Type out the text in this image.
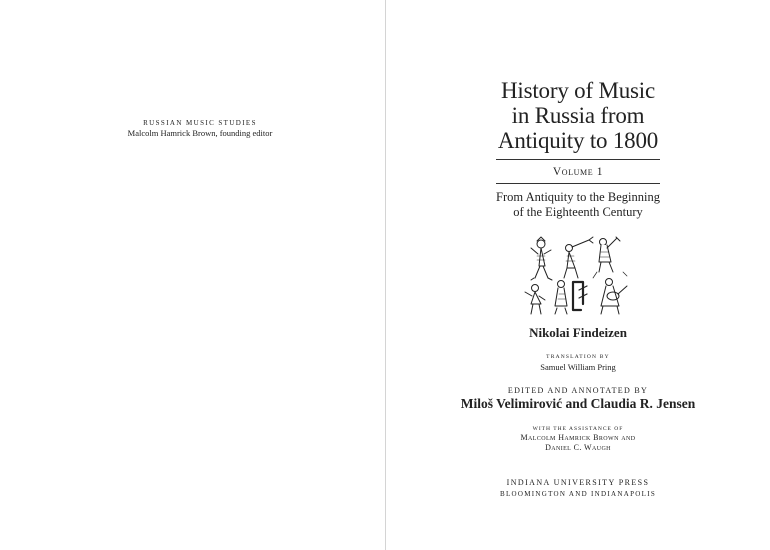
RUSSIAN MUSIC STUDIES
Malcolm Hamrick Brown, founding editor
History of Music
in Russia from
Antiquity to 1800
Volume 1
From Antiquity to the Beginning
of the Eighteenth Century
Nikolai Findeizen
TRANSLATION BY
Samuel William Pring
EDITED AND ANNOTATED BY
Miloš Velimirović and Claudia R. Jensen
WITH THE ASSISTANCE OF
Malcolm Hamrick Brown and
Daniel C. Waugh
INDIANA UNIVERSITY PRESS
BLOOMINGTON AND INDIANAPOLIS
